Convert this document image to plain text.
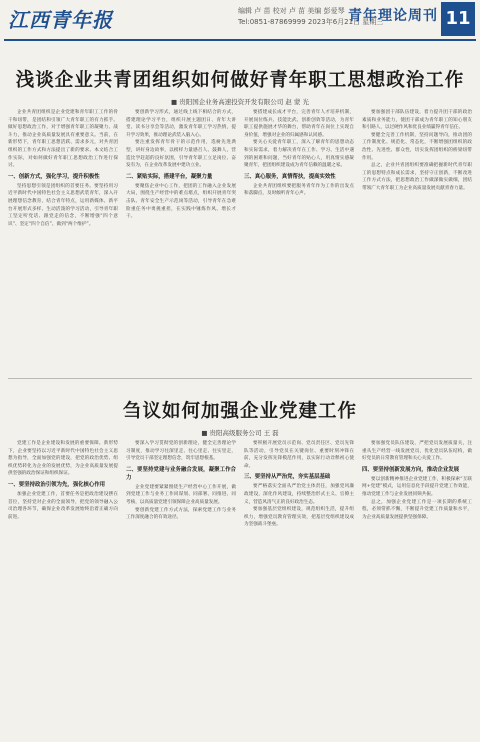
江西青年报	编辑 卢 苗 校对 卢 苗 美编 彭爱琴
Tel:0851-87869999 2023年6月21日 星期三
青年理论周刊 11
浅谈企业共青团组织如何做好青年职工思想政治工作
■ 贵阳国企业务高速投资开发有限公司 赵 蒙 光

企业共青团组织是企业党建和青年职工工作的骨干和纽带，是团结和引领广大青年职工的有力抓手。做好思想政治工作，对于增强青年职工的凝聚力、战斗力，推动企业高质量发展具有重要意义。当前，在新形势下，青年职工思想活跃、需求多元，对共青团组织的工作方式和方法提出了新的要求。本文结合工作实际，对如何做好青年职工思想政治工作进行探讨。

一、创新方式，强化学习，提升积极性

坚持思想引领是团组织的首要任务。要坚持用习近平新时代中国特色社会主义思想武装青年，深入开展理想信念教育，结合青年特点，运用新媒体、新平台开展形式多样、生动活泼的学习活动，引导青年职工坚定听党话、跟党走的信念，不断增强“四个意识”、坚定“四个自信”、做到“两个维护”。

要创新学习形式，通过线上线下相结合的方式，搭建理论学习平台，组织开展主题团日、青年大讲堂、读书分享会等活动，激发青年职工学习热情，提升学习效果，推动理论武装入脑入心。

要注重发挥青年骨干的示范作用，选树先进典型，讲好身边故事，以榜样力量感召人、鼓舞人，营造比学赶超的良好氛围，引导青年职工立足岗位、奋发有为，在企业改革发展中建功立业。

二、紧贴实际，搭建平台，凝聚力量

要聚焦企业中心工作，把团的工作融入企业发展大局，围绕生产经营中的难点堵点，组织开展青年突击队、青年安全生产示范岗等活动，引导青年在急难险重任务中勇挑重担，在实践中锤炼作风、增长才干。

要搭建成长成才平台，完善青年人才培养机制，开展岗位练兵、技能比武、创新创效等活动，为青年职工提供施展才华的舞台，帮助青年在岗位上实现自身价值，增强对企业的归属感和认同感。

要关心关爱青年职工，深入了解青年的思想动态和实际需求，着力解决青年在工作、学习、生活中遇到的困难和问题，当好青年的贴心人，用真情实感凝聚青年，把团组织建设成为青年信赖的温暖之家。

三、真心服务，真情帮扶，提高实效性

企业共青团组织要把服务青年作为工作的出发点和落脚点，及时倾听青年心声。

要加强团干部队伍建设，着力提升团干部的政治素质和业务能力，使团干部成为青年职工的知心朋友和引路人，以过硬作风和优良业绩赢得青年信任。

要健全完善工作机制，坚持问题导向，推动团的工作制度化、规范化、常态化，不断增强团组织的政治性、先进性、群众性，切实发挥团组织的桥梁纽带作用。

总之，企业共青团组织要准确把握新时代青年职工的思想特点和成长需求，坚持守正创新，不断改进工作方式方法，把思想政治工作做深做实做细，团结带领广大青年职工为企业高质量发展贡献青春力量。

刍议如何加强企业党建工作
■ 贵阳高级服务公司 王 磊

党建工作是企业建设和发展的重要保障。新形势下，企业要坚持以习近平新时代中国特色社会主义思想为指导，全面加强党的建设，把党的政治优势、组织优势转化为企业的发展优势，为企业高质量发展提供坚强的政治保证和组织保证。

一、要坚持政治引领为先，强化核心作用

加强企业党建工作，首要任务是把政治建设摆在首位，坚持党对企业的全面领导，把党的领导融入公司治理各环节，确保企业改革发展始终沿着正确方向前进。

要深入学习贯彻党的创新理论，健全完善理论学习制度，推动学习往深里走、往心里走、往实里走，引导党员干部坚定理想信念，筑牢思想根基。

二、要坚持党建与业务融合发展，凝聚工作合力

企业党建要紧紧围绕生产经营中心工作开展，做到党建工作与业务工作同谋划、同部署、同推进、同考核，以高质量党建引领保障企业高质量发展。

要创新党建工作方式方法，探索党建工作与业务工作深度融合的有效途径。

要积极开展党员示范岗、党员责任区、党员先锋队等活动，引导党员在关键岗位、重要时刻冲锋在前，充分发挥先锋模范作用，以实际行动诠释初心使命。

三、要坚持从严治党，夯实基层基础

要严格落实全面从严治党主体责任，加强党风廉政建设，深化作风建设，持续整治形式主义、官僚主义，营造风清气正的良好政治生态。

要加强基层党组织建设，规范组织生活，提升组织力，增强党员教育管理实效，把基层党组织建设成为坚强战斗堡垒。

要加强党员队伍建设，严把党员发展质量关，注重从生产经营一线发展党员，优化党员队伍结构，做好党员的日常教育管理和关心关爱工作。

四、要坚持创新发展方向，推动企业发展

要以创新精神推进企业党建工作，积极探索“互联网+党建”模式，运用信息化手段提升党建工作效能，推动党建工作与企业发展同频共振。

总之，加强企业党建工作是一项长期的系统工程，必须常抓不懈，不断提升党建工作质量和水平，为企业高质量发展提供坚强保障。
